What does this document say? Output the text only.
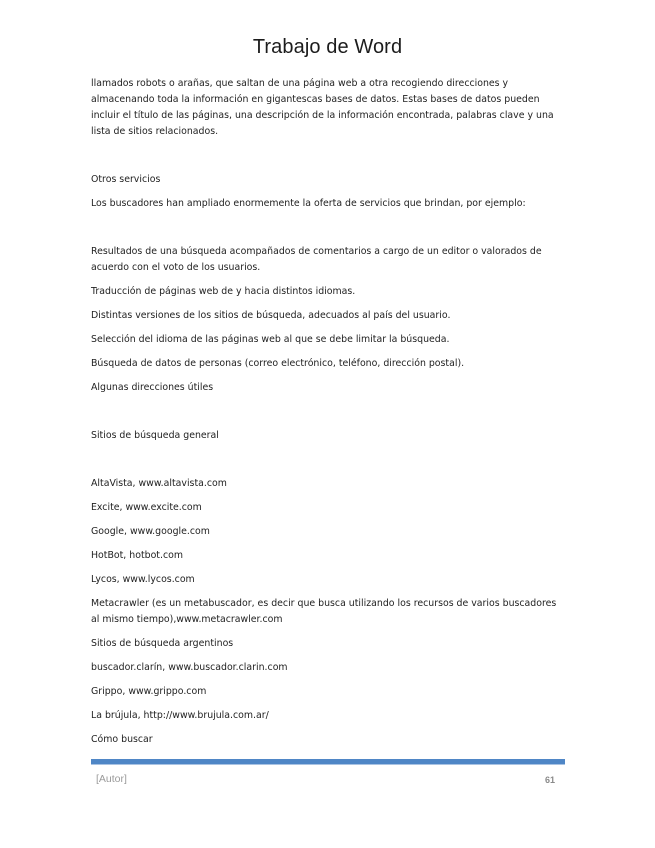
Trabajo de Word

llamados robots o arañas, que saltan de una página web a otra recogiendo direcciones y almacenando toda la información en gigantescas bases de datos. Estas bases de datos pueden incluir el título de las páginas, una descripción de la información encontrada, palabras clave y una lista de sitios relacionados.

Otros servicios

Los buscadores han ampliado enormemente la oferta de servicios que brindan, por ejemplo:

Resultados de una búsqueda acompañados de comentarios a cargo de un editor o valorados de acuerdo con el voto de los usuarios.

Traducción de páginas web de y hacia distintos idiomas.

Distintas versiones de los sitios de búsqueda, adecuados al país del usuario.

Selección del idioma de las páginas web al que se debe limitar la búsqueda.

Búsqueda de datos de personas (correo electrónico, teléfono, dirección postal).

Algunas direcciones útiles

Sitios de búsqueda general

AltaVista, www.altavista.com

Excite, www.excite.com

Google, www.google.com

HotBot, hotbot.com

Lycos, www.lycos.com

Metacrawler (es un metabuscador, es decir que busca utilizando los recursos de varios buscadores al mismo tiempo),www.metacrawler.com

Sitios de búsqueda argentinos

buscador.clarín, www.buscador.clarin.com

Grippo, www.grippo.com

La brújula, http://www.brujula.com.ar/

Cómo buscar

[Autor]	61
